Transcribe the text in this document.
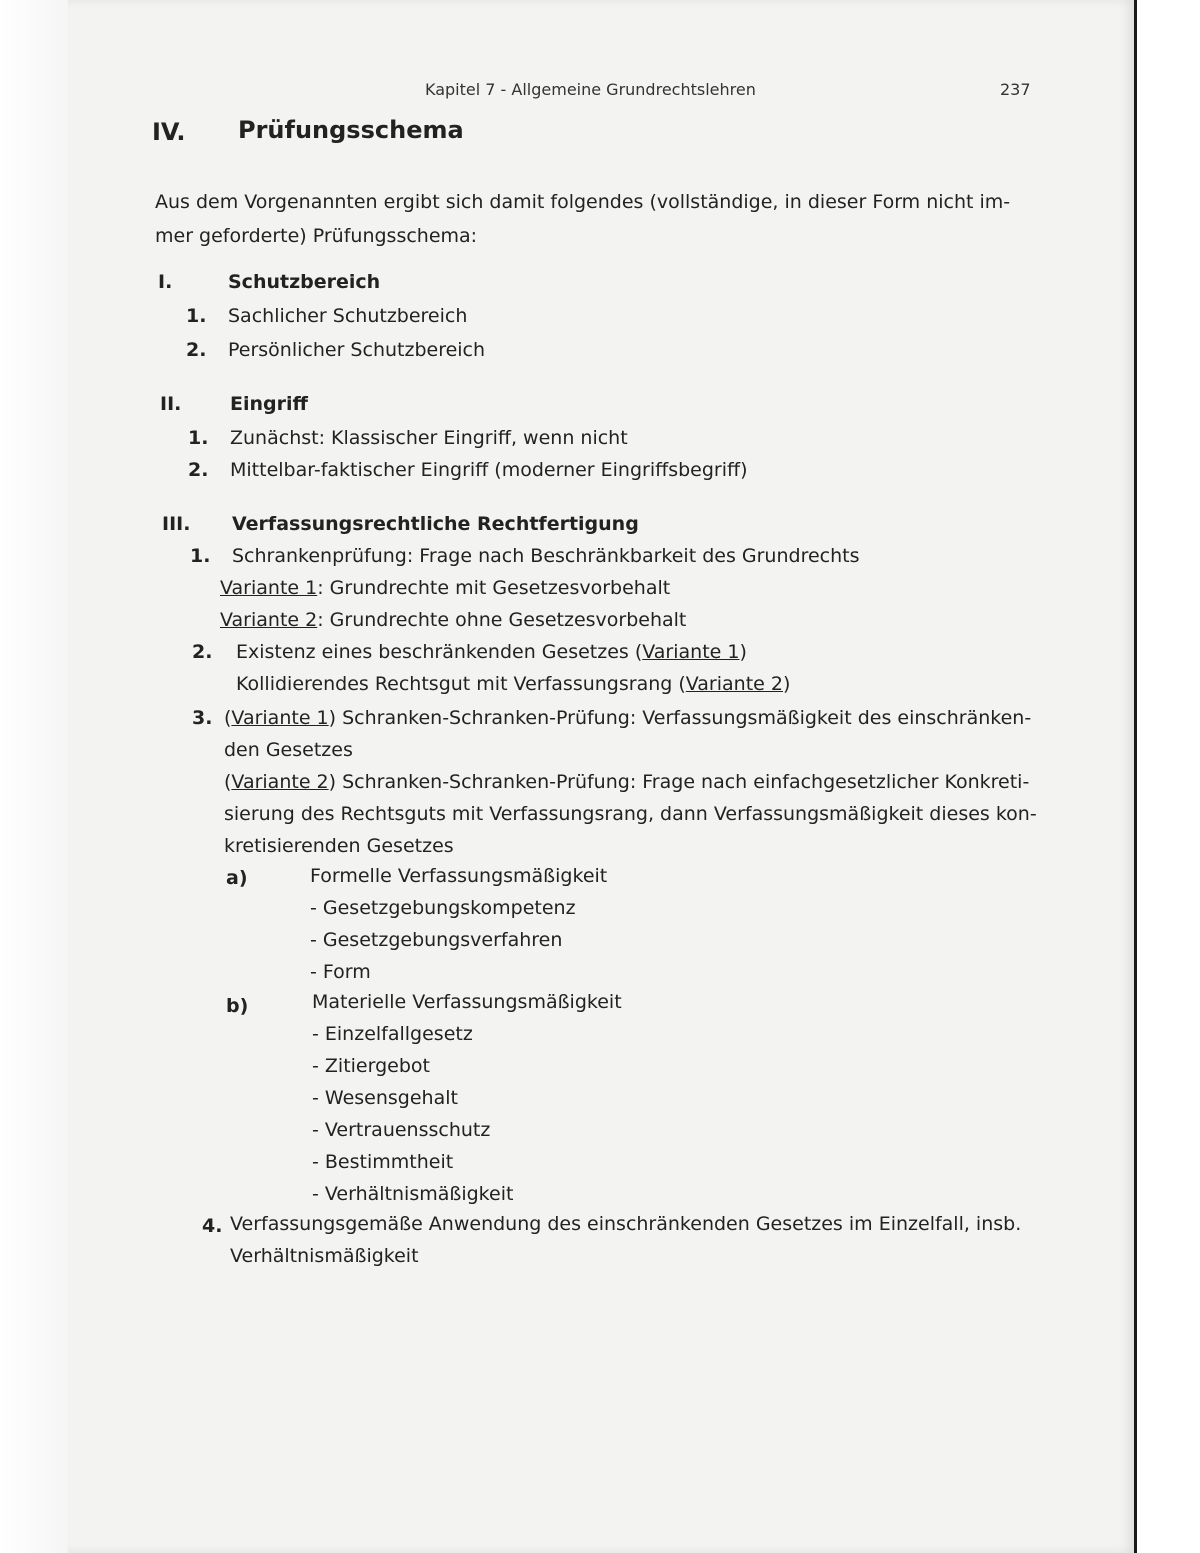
Kapitel 7 - Allgemeine Grundrechtslehren	237
IV. Prüfungsschema
Aus dem Vorgenannten ergibt sich damit folgendes (vollständige, in dieser Form nicht im-
mer geforderte) Prüfungsschema:
I.	Schutzbereich
1. Sachlicher Schutzbereich
2. Persönlicher Schutzbereich
II.	Eingriff
1. Zunächst: Klassischer Eingriff, wenn nicht
2. Mittelbar-faktischer Eingriff (moderner Eingriffsbegriff)
III. Verfassungsrechtliche Rechtfertigung
1. Schrankenprüfung: Frage nach Beschränkbarkeit des Grundrechts
Variante 1: Grundrechte mit Gesetzesvorbehalt
Variante 2: Grundrechte ohne Gesetzesvorbehalt
2. Existenz eines beschränkenden Gesetzes (Variante 1)
Kollidierendes Rechtsgut mit Verfassungsrang (Variante 2)
3. (Variante 1) Schranken-Schranken-Prüfung: Verfassungsmäßigkeit des einschränken-
den Gesetzes
(Variante 2) Schranken-Schranken-Prüfung: Frage nach einfachgesetzlicher Konkreti-
sierung des Rechtsguts mit Verfassungsrang, dann Verfassungsmäßigkeit dieses kon-
kretisierenden Gesetzes
a)	Formelle Verfassungsmäßigkeit
- Gesetzgebungskompetenz
- Gesetzgebungsverfahren
- Form
b)	Materielle Verfassungsmäßigkeit
- Einzelfallgesetz
- Zitiergebot
- Wesensgehalt
- Vertrauensschutz
- Bestimmtheit
- Verhältnismäßigkeit
4. Verfassungsgemäße Anwendung des einschränkenden Gesetzes im Einzelfall, insb.
Verhältnismäßigkeit
